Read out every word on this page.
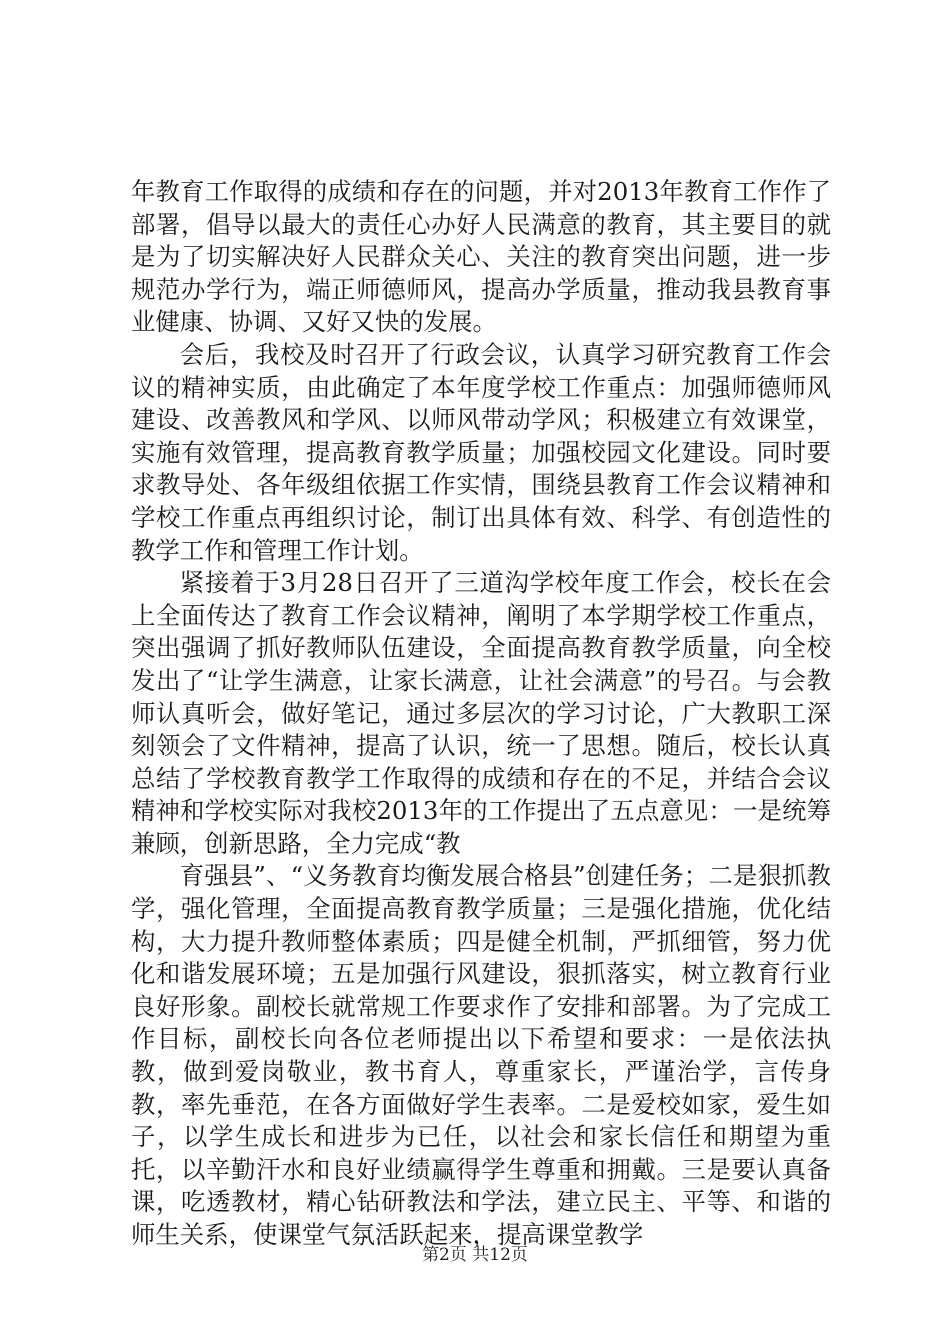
年教育工作取得的成绩和存在的问题，并对2013年教育工作作了部署，倡导以最大的责任心办好人民满意的教育，其主要目的就是为了切实解决好人民群众关心、关注的教育突出问题，进一步规范办学行为，端正师德师风，提高办学质量，推动我县教育事业健康、协调、又好又快的发展。

会后，我校及时召开了行政会议，认真学习研究教育工作会议的精神实质，由此确定了本年度学校工作重点：加强师德师风建设、改善教风和学风、以师风带动学风；积极建立有效课堂，实施有效管理，提高教育教学质量；加强校园文化建设。同时要求教导处、各年级组依据工作实情，围绕县教育工作会议精神和学校工作重点再组织讨论，制订出具体有效、科学、有创造性的教学工作和管理工作计划。

紧接着于3月28日召开了三道沟学校年度工作会，校长在会上全面传达了教育工作会议精神，阐明了本学期学校工作重点，突出强调了抓好教师队伍建设，全面提高教育教学质量，向全校发出了“让学生满意，让家长满意，让社会满意”的号召。与会教师认真听会，做好笔记，通过多层次的学习讨论，广大教职工深刻领会了文件精神，提高了认识，统一了思想。随后，校长认真总结了学校教育教学工作取得的成绩和存在的不足，并结合会议精神和学校实际对我校2013年的工作提出了五点意见：一是统筹兼顾，创新思路，全力完成“教

育强县”、“义务教育均衡发展合格县”创建任务；二是狠抓教学，强化管理，全面提高教育教学质量；三是强化措施，优化结构，大力提升教师整体素质；四是健全机制，严抓细管，努力优化和谐发展环境；五是加强行风建设，狠抓落实，树立教育行业良好形象。副校长就常规工作要求作了安排和部署。为了完成工作目标，副校长向各位老师提出以下希望和要求：一是依法执教，做到爱岗敬业，教书育人，尊重家长，严谨治学，言传身教，率先垂范，在各方面做好学生表率。二是爱校如家，爱生如子，以学生成长和进步为已任，以社会和家长信任和期望为重托，以辛勤汗水和良好业绩赢得学生尊重和拥戴。三是要认真备课，吃透教材，精心钻研教法和学法，建立民主、平等、和谐的师生关系，使课堂气氛活跃起来，提高课堂教学

第2页 共12页
